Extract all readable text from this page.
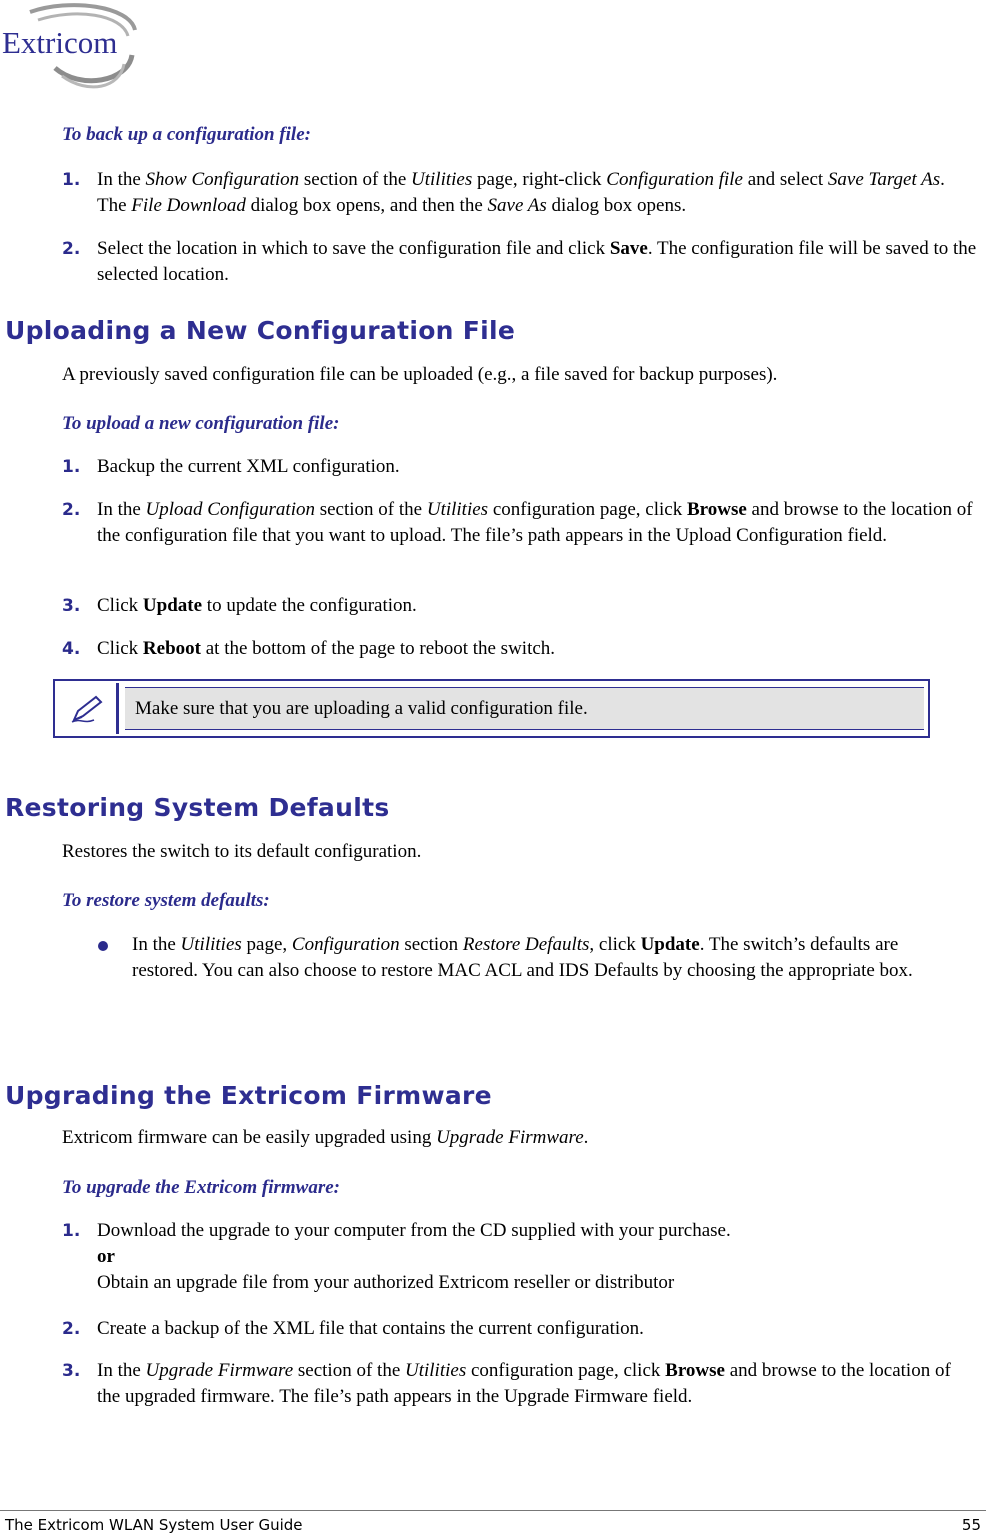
Extricom
To back up a configuration file:
1. In the Show Configuration section of the Utilities page, right-click Configuration file and select Save Target As. The File Download dialog box opens, and then the Save As dialog box opens.
2. Select the location in which to save the configuration file and click Save. The configuration file will be saved to the selected location.
Uploading a New Configuration File
A previously saved configuration file can be uploaded (e.g., a file saved for backup purposes).
To upload a new configuration file:
1. Backup the current XML configuration.
2. In the Upload Configuration section of the Utilities configuration page, click Browse and browse to the location of the configuration file that you want to upload. The file’s path appears in the Upload Configuration field.
3. Click Update to update the configuration.
4. Click Reboot at the bottom of the page to reboot the switch.
Make sure that you are uploading a valid configuration file.
Restoring System Defaults
Restores the switch to its default configuration.
To restore system defaults:
In the Utilities page, Configuration section Restore Defaults, click Update. The switch’s defaults are restored. You can also choose to restore MAC ACL and IDS Defaults by choosing the appropriate box.
Upgrading the Extricom Firmware
Extricom firmware can be easily upgraded using Upgrade Firmware.
To upgrade the Extricom firmware:
1. Download the upgrade to your computer from the CD supplied with your purchase.
or
Obtain an upgrade file from your authorized Extricom reseller or distributor
2. Create a backup of the XML file that contains the current configuration.
3. In the Upgrade Firmware section of the Utilities configuration page, click Browse and browse to the location of the upgraded firmware. The file’s path appears in the Upgrade Firmware field.
The Extricom WLAN System User Guide	55
